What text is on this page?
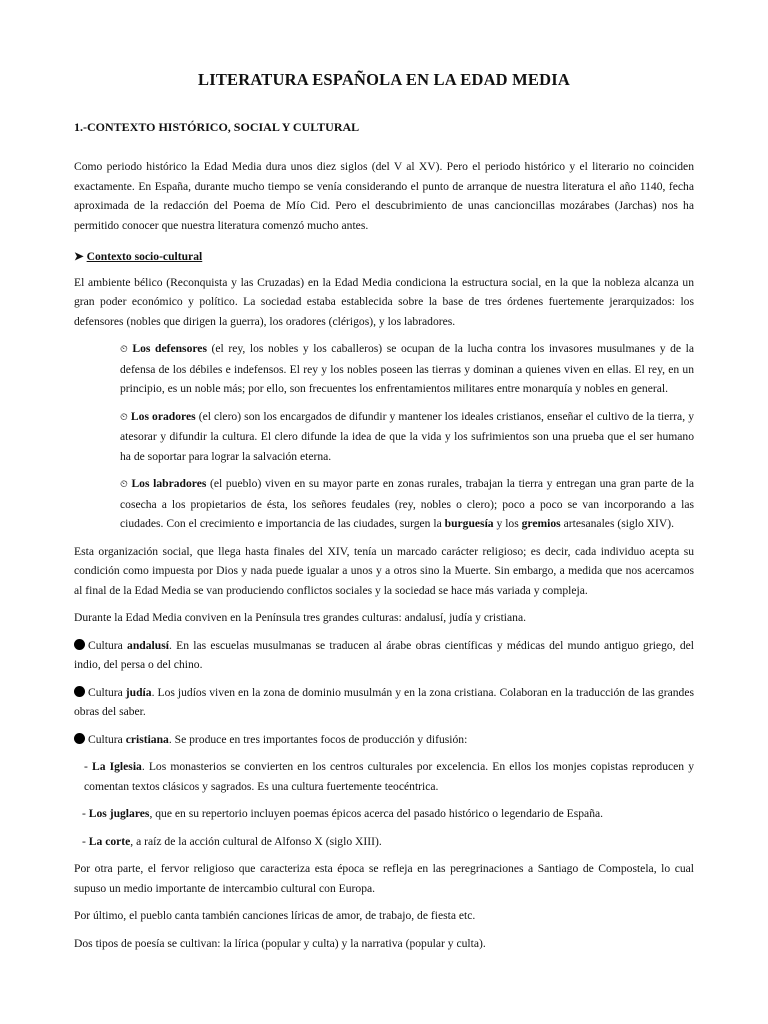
LITERATURA ESPAÑOLA EN LA EDAD MEDIA
1.-CONTEXTO HISTÓRICO, SOCIAL Y CULTURAL

Como periodo histórico la Edad Media dura unos diez siglos (del V al XV). Pero el periodo histórico y el literario no coinciden exactamente. En España, durante mucho tiempo se venía considerando el punto de arranque de nuestra literatura el año 1140, fecha aproximada de la redacción del Poema de Mío Cid. Pero el descubrimiento de unas cancioncillas mozárabes (Jarchas) nos ha permitido conocer que nuestra literatura comenzó mucho antes.

➤ Contexto socio-cultural

El ambiente bélico (Reconquista y las Cruzadas) en la Edad Media condiciona la estructura social, en la que la nobleza alcanza un gran poder económico y político. La sociedad estaba establecida sobre la base de tres órdenes fuertemente jerarquizados: los defensores (nobles que dirigen la guerra), los oradores (clérigos), y los labradores.

⏲ Los defensores (el rey, los nobles y los caballeros) se ocupan de la lucha contra los invasores musulmanes y de la defensa de los débiles e indefensos. El rey y los nobles poseen las tierras y dominan a quienes viven en ellas. El rey, en un principio, es un noble más; por ello, son frecuentes los enfrentamientos militares entre monarquía y nobles en general.

⏲ Los oradores (el clero) son los encargados de difundir y mantener los ideales cristianos, enseñar el cultivo de la tierra, y atesorar y difundir la cultura. El clero difunde la idea de que la vida y los sufrimientos son una prueba que el ser humano ha de soportar para lograr la salvación eterna.

⏲ Los labradores (el pueblo) viven en su mayor parte en zonas rurales, trabajan la tierra y entregan una gran parte de la cosecha a los propietarios de ésta, los señores feudales (rey, nobles o clero); poco a poco se van incorporando a las ciudades. Con el crecimiento e importancia de las ciudades, surgen la burguesía y los gremios artesanales (siglo XIV).

Esta organización social, que llega hasta finales del XIV, tenía un marcado carácter religioso; es decir, cada individuo acepta su condición como impuesta por Dios y nada puede igualar a unos y a otros sino la Muerte. Sin embargo, a medida que nos acercamos al final de la Edad Media se van produciendo conflictos sociales y la sociedad se hace más variada y compleja.

Durante la Edad Media conviven en la Península tres grandes culturas: andalusí, judía y cristiana.

Cultura andalusí. En las escuelas musulmanas se traducen al árabe obras científicas y médicas del mundo antiguo griego, del indio, del persa o del chino.

Cultura judía. Los judíos viven en la zona de dominio musulmán y en la zona cristiana. Colaboran en la traducción de las grandes obras del saber.

Cultura cristiana. Se produce en tres importantes focos de producción y difusión:

- La Iglesia. Los monasterios se convierten en los centros culturales por excelencia. En ellos los monjes copistas reproducen y comentan textos clásicos y sagrados. Es una cultura fuertemente teocéntrica.

- Los juglares, que en su repertorio incluyen poemas épicos acerca del pasado histórico o legendario de España.

- La corte, a raíz de la acción cultural de Alfonso X (siglo XIII).

Por otra parte, el fervor religioso que caracteriza esta época se refleja en las peregrinaciones a Santiago de Compostela, lo cual supuso un medio importante de intercambio cultural con Europa.

Por último, el pueblo canta también canciones líricas de amor, de trabajo, de fiesta etc.

Dos tipos de poesía se cultivan: la lírica (popular y culta) y la narrativa (popular y culta).
